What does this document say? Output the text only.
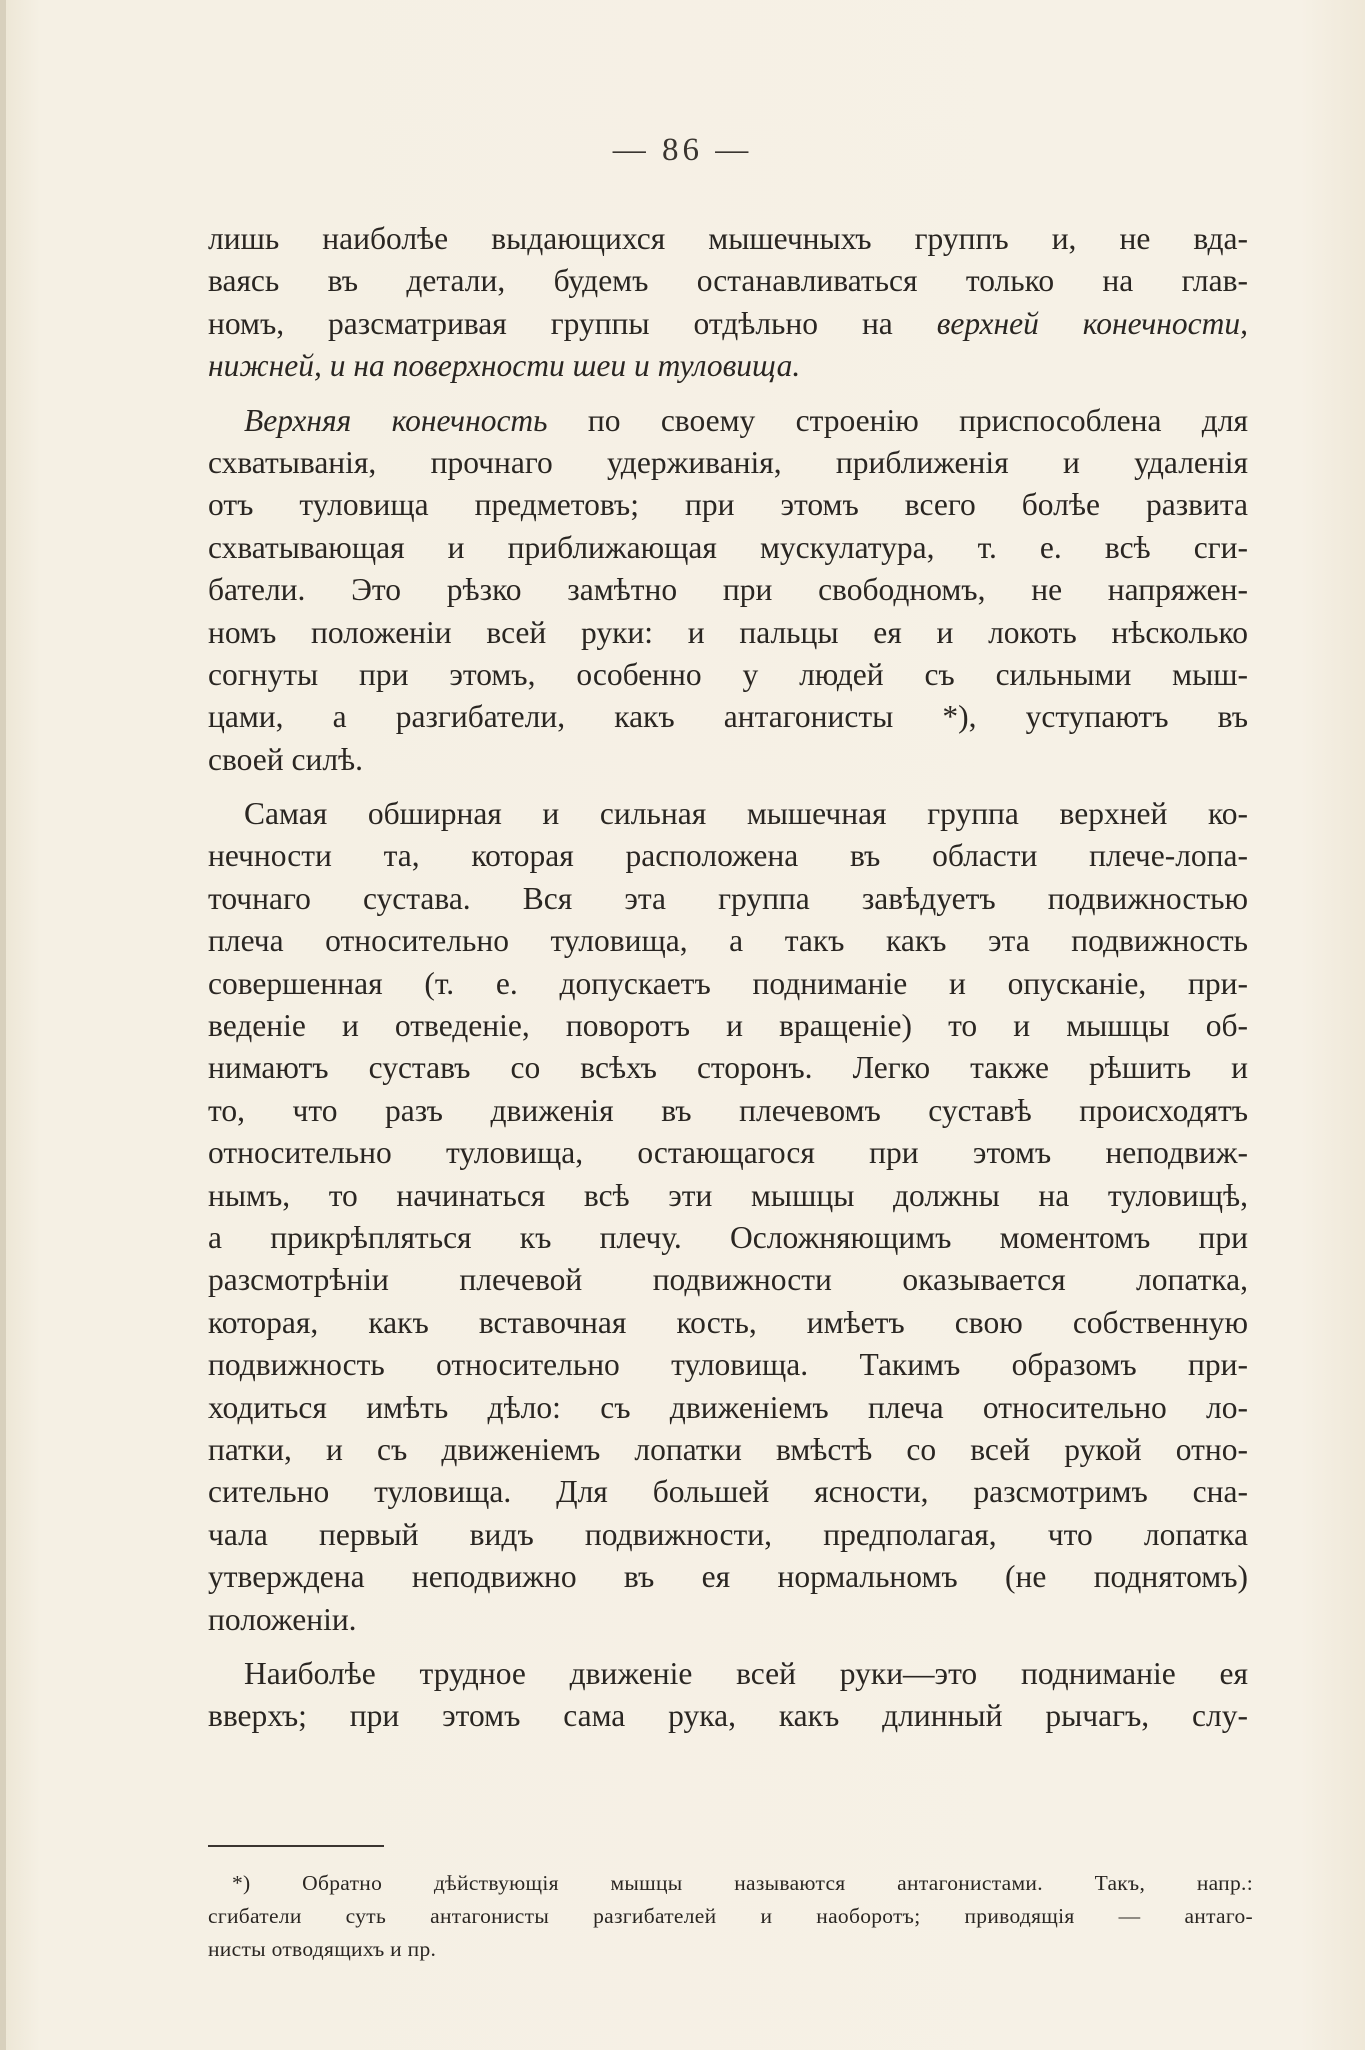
— 86 —
лишь наиболѣе выдающихся мышечныхъ группъ и, не вда-
ваясь въ детали, будемъ останавливаться только на глав-
номъ, разсматривая группы отдѣльно на верхней конечности,
нижней, и на поверхности шеи и туловища.
Верхняя конечность по своему строенію приспособлена для
схватыванія, прочнаго удерживанія, приближенія и удаленія
отъ туловища предметовъ; при этомъ всего болѣе развита
схватывающая и приближающая мускулатура, т. е. всѣ сги-
батели. Это рѣзко замѣтно при свободномъ, не напряжен-
номъ положеніи всей руки: и пальцы ея и локоть нѣсколько
согнуты при этомъ, особенно у людей съ сильными мыш-
цами, а разгибатели, какъ антагонисты *), уступаютъ въ
своей силѣ.
Самая обширная и сильная мышечная группа верхней ко-
нечности та, которая расположена въ области плече-лопа-
точнаго сустава. Вся эта группа завѣдуетъ подвижностью
плеча относительно туловища, а такъ какъ эта подвижность
совершенная (т. е. допускаетъ подниманіе и опусканіе, при-
веденіе и отведеніе, поворотъ и вращеніе) то и мышцы об-
нимаютъ суставъ со всѣхъ сторонъ. Легко также рѣшить и
то, что разъ движенія въ плечевомъ суставѣ происходятъ
относительно туловища, остающагося при этомъ неподвиж-
нымъ, то начинаться всѣ эти мышцы должны на туловищѣ,
а прикрѣпляться къ плечу. Осложняющимъ моментомъ при
разсмотрѣніи плечевой подвижности оказывается лопатка,
которая, какъ вставочная кость, имѣетъ свою собственную
подвижность относительно туловища. Такимъ образомъ при-
ходиться имѣть дѣло: съ движеніемъ плеча относительно ло-
патки, и съ движеніемъ лопатки вмѣстѣ со всей рукой отно-
сительно туловища. Для большей ясности, разсмотримъ сна-
чала первый видъ подвижности, предполагая, что лопатка
утверждена неподвижно въ ея нормальномъ (не поднятомъ)
положеніи.
Наиболѣе трудное движеніе всей руки—это подниманіе ея
вверхъ; при этомъ сама рука, какъ длинный рычагъ, слу-
*) Обратно дѣйствующія мышцы называются антагонистами. Такъ, напр.:
сгибатели суть антагонисты разгибателей и наоборотъ; приводящія — антаго-
нисты отводящихъ и пр.
